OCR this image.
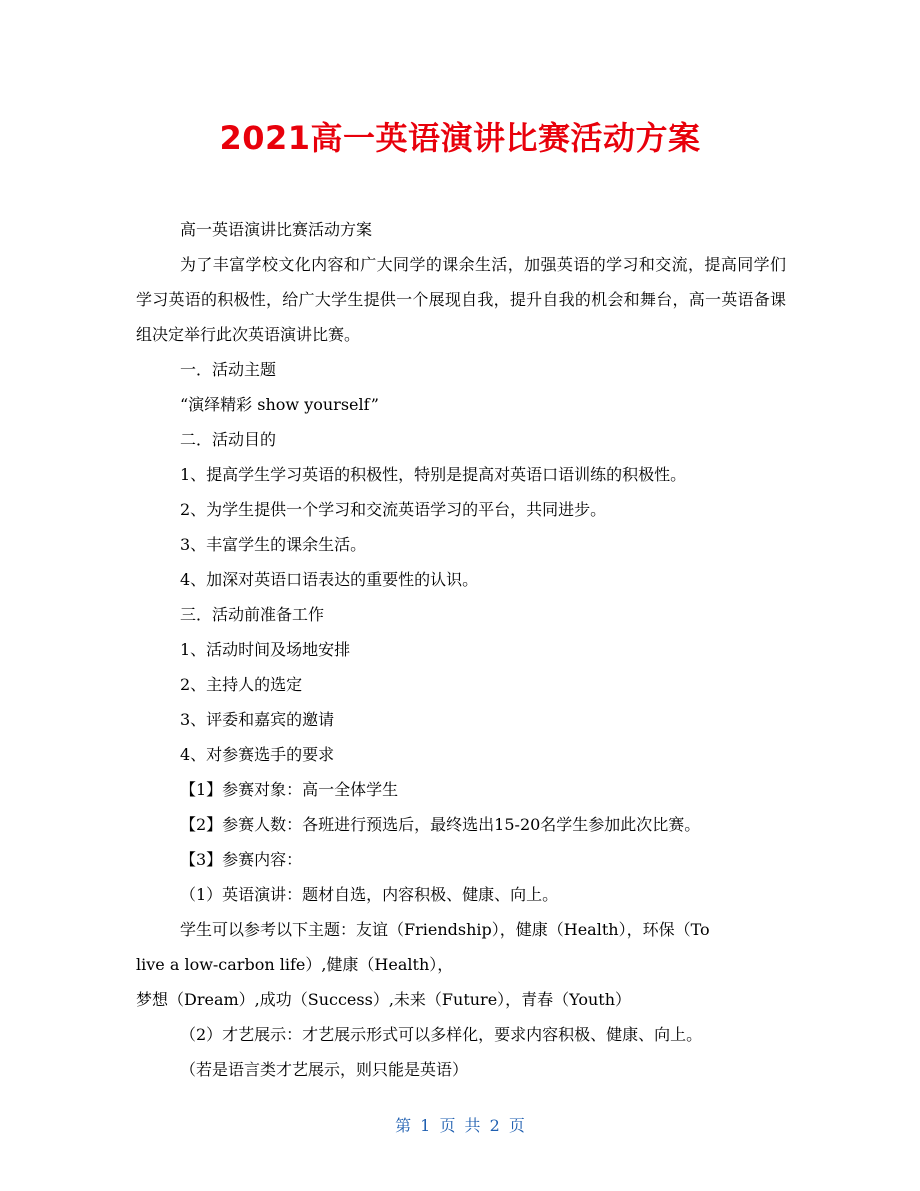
2021高一英语演讲比赛活动方案

高一英语演讲比赛活动方案

为了丰富学校文化内容和广大同学的课余生活，加强英语的学习和交流，提高同学们学习英语的积极性，给广大学生提供一个展现自我，提升自我的机会和舞台，高一英语备课组决定举行此次英语演讲比赛。

一．活动主题

“演绎精彩 show yourself”

二．活动目的

1、提高学生学习英语的积极性，特别是提高对英语口语训练的积极性。

2、为学生提供一个学习和交流英语学习的平台，共同进步。

3、丰富学生的课余生活。

4、加深对英语口语表达的重要性的认识。

三．活动前准备工作

1、活动时间及场地安排

2、主持人的选定

3、评委和嘉宾的邀请

4、对参赛选手的要求

【1】参赛对象：高一全体学生

【2】参赛人数：各班进行预选后，最终选出15-20名学生参加此次比赛。

【3】参赛内容：

（1）英语演讲：题材自选，内容积极、健康、向上。

学生可以参考以下主题：友谊（Friendship），健康（Health），环保（To

live a low-carbon life）,健康（Health），

梦想（Dream）,成功（Success）,未来（Future），青春（Youth）

（2）才艺展示：才艺展示形式可以多样化，要求内容积极、健康、向上。

（若是语言类才艺展示，则只能是英语）

第 1 页 共 2 页
